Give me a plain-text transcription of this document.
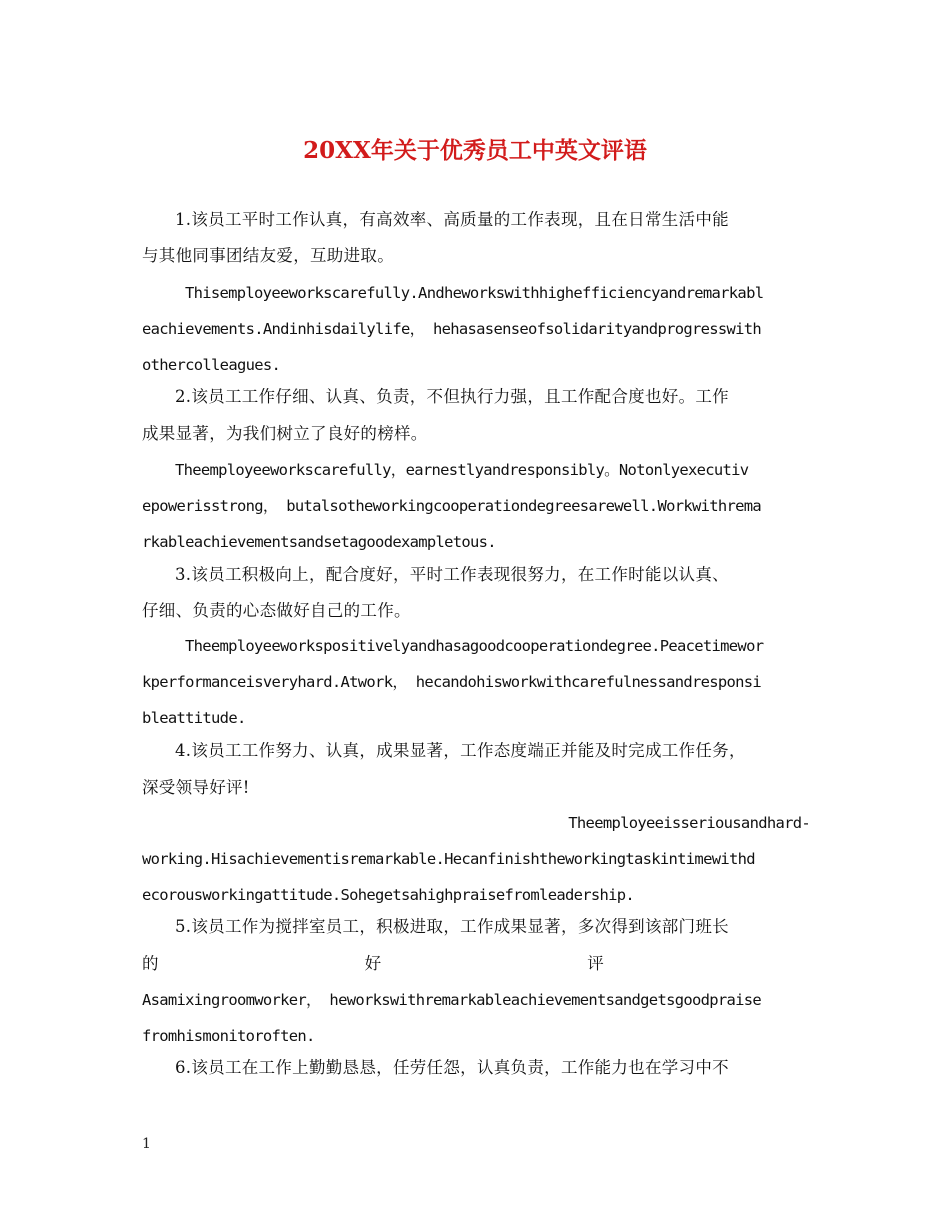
20XX年关于优秀员工中英文评语
1.该员工平时工作认真，有高效率、高质量的工作表现，且在日常生活中能
与其他同事团结友爱，互助进取。
Thisemployeeworkscarefully.Andheworkswithhighefficiencyandremarkabl
eachievements.Andinhisdailylife， hehasasenseofsolidarityandprogresswith
othercolleagues.
2.该员工工作仔细、认真、负责，不但执行力强，且工作配合度也好。工作
成果显著，为我们树立了良好的榜样。
Theemployeeworkscarefully，earnestlyandresponsibly。Notonlyexecutiv
epowerisstrong， butalsotheworkingcooperationdegreesarewell.Workwithrema
rkableachievementsandsetagoodexampletous.
3.该员工积极向上，配合度好，平时工作表现很努力，在工作时能以认真、
仔细、负责的心态做好自己的工作。
Theemployeeworkspositivelyandhasagoodcooperationdegree.Peacetimewor
kperformanceisveryhard.Atwork， hecandohisworkwithcarefulnessandresponsi
bleattitude.
4.该员工工作努力、认真，成果显著，工作态度端正并能及时完成工作任务，
深受领导好评!
Theemployeeisseriousandhard-
working.Hisachievementisremarkable.Hecanfinishtheworkingtaskintimewithd
ecorousworkingattitude.Sohegetsahighpraisefromleadership.
5.该员工作为搅拌室员工，积极进取，工作成果显著，多次得到该部门班长
的	好	评
Asamixingroomworker， heworkswithremarkableachievementsandgetsgoodpraise
fromhismonitoroften.
6.该员工在工作上勤勤恳恳，任劳任怨，认真负责，工作能力也在学习中不
1
